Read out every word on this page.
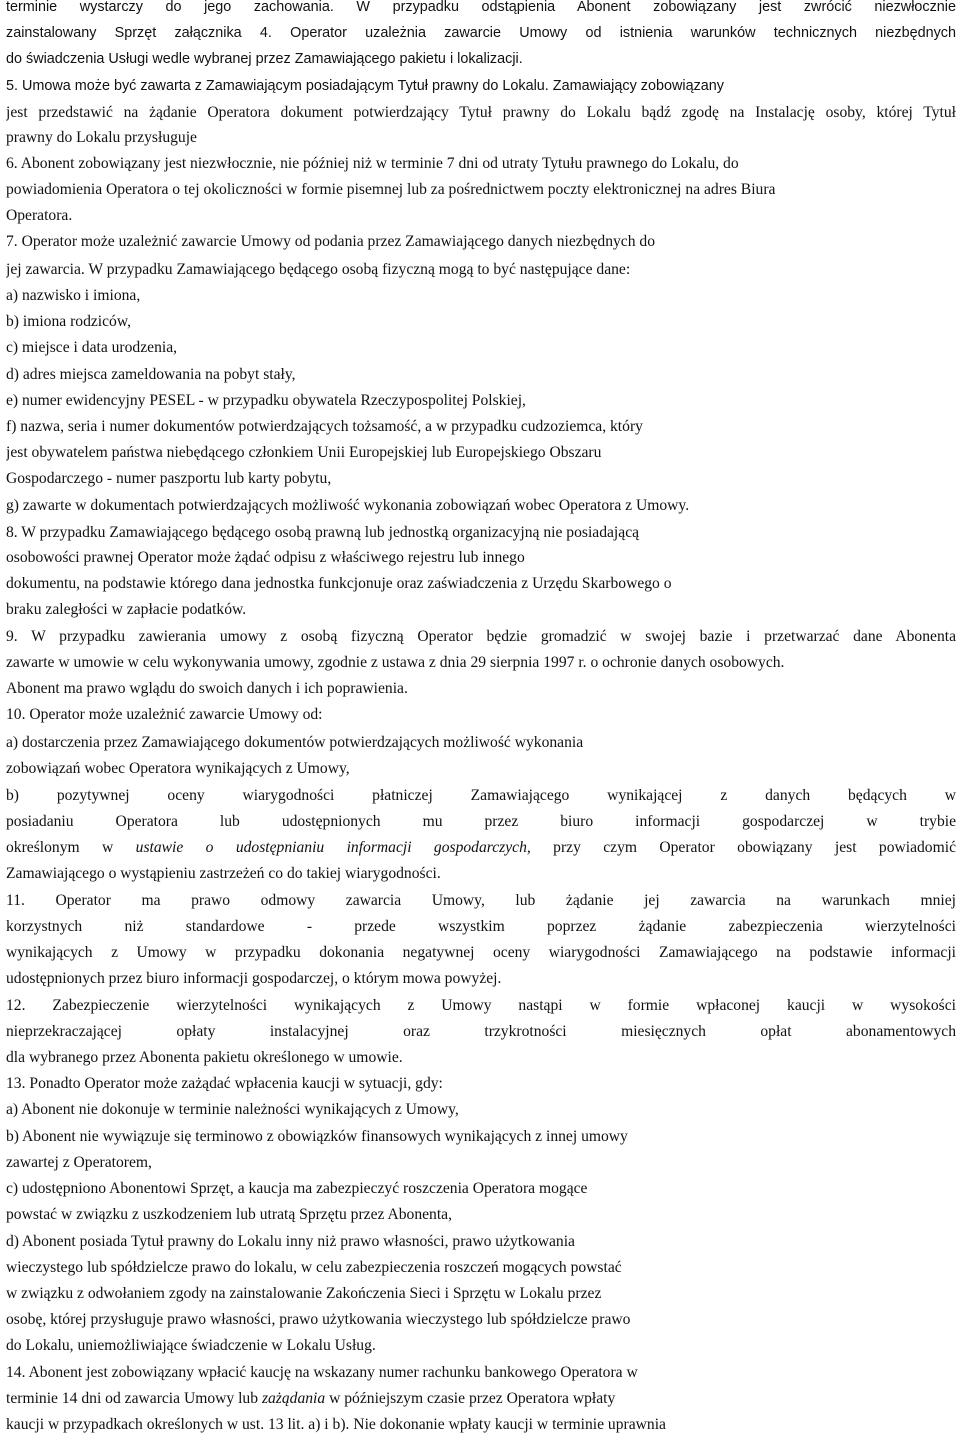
terminie wystarczy do jego zachowania. W przypadku odstąpienia Abonent zobowiązany jest zwrócić niezwłocznie
zainstalowany Sprzęt załącznika 4. Operator uzależnia zawarcie Umowy od istnienia warunków technicznych niezbędnych
do świadczenia Usługi wedle wybranej przez Zamawiającego pakietu i lokalizacji.
5. Umowa może być zawarta z Zamawiającym posiadającym Tytuł prawny do Lokalu. Zamawiający zobowiązany
jest przedstawić na żądanie Operatora dokument potwierdzający Tytuł prawny do Lokalu bądź zgodę na Instalację osoby, której Tytuł
prawny do Lokalu przysługuje
6. Abonent zobowiązany jest niezwłocznie, nie później niż w terminie 7 dni od utraty Tytułu prawnego do Lokalu, do
powiadomienia Operatora o tej okoliczności w formie pisemnej lub za pośrednictwem poczty elektronicznej na adres Biura
Operatora.
7. Operator może uzależnić zawarcie Umowy od podania przez Zamawiającego danych niezbędnych do
jej zawarcia. W przypadku Zamawiającego będącego osobą fizyczną mogą to być następujące dane:
a) nazwisko i imiona,
b) imiona rodziców,
c) miejsce i data urodzenia,
d) adres miejsca zameldowania na pobyt stały,
e) numer ewidencyjny PESEL - w przypadku obywatela Rzeczypospolitej Polskiej,
f) nazwa, seria i numer dokumentów potwierdzających tożsamość, a w przypadku cudzoziemca, który
jest obywatelem państwa niebędącego członkiem Unii Europejskiej lub Europejskiego Obszaru
Gospodarczego - numer paszportu lub karty pobytu,
g) zawarte w dokumentach potwierdzających możliwość wykonania zobowiązań wobec Operatora z Umowy.
8. W przypadku Zamawiającego będącego osobą prawną lub jednostką organizacyjną nie posiadającą
osobowości prawnej Operator może żądać odpisu z właściwego rejestru lub innego
dokumentu, na podstawie którego dana jednostka funkcjonuje oraz zaświadczenia z Urzędu Skarbowego o
braku zaległości w zapłacie podatków.
9. W przypadku zawierania umowy z osobą fizyczną Operator będzie gromadzić w swojej bazie i przetwarzać dane Abonenta
zawarte w umowie w celu wykonywania umowy, zgodnie z ustawa z dnia 29 sierpnia 1997 r. o ochronie danych osobowych.
Abonent ma prawo wglądu do swoich danych i ich poprawienia.
10. Operator może uzależnić zawarcie Umowy od:
a) dostarczenia przez Zamawiającego dokumentów potwierdzających możliwość wykonania
zobowiązań wobec Operatora wynikających z Umowy,
b) pozytywnej oceny wiarygodności płatniczej Zamawiającego wynikającej z danych będących w
posiadaniu Operatora lub udostępnionych mu przez biuro informacji gospodarczej w trybie
określonym w ustawie o udostępnianiu informacji gospodarczych, przy czym Operator obowiązany jest powiadomić
Zamawiającego o wystąpieniu zastrzeżeń co do takiej wiarygodności.
11. Operator ma prawo odmowy zawarcia Umowy, lub żądanie jej zawarcia na warunkach mniej
korzystnych niż standardowe - przede wszystkim poprzez żądanie zabezpieczenia wierzytelności
wynikających z Umowy w przypadku dokonania negatywnej oceny wiarygodności Zamawiającego na podstawie informacji
udostępnionych przez biuro informacji gospodarczej, o którym mowa powyżej.
12. Zabezpieczenie wierzytelności wynikających z Umowy nastąpi w formie wpłaconej kaucji w wysokości
nieprzekraczającej opłaty instalacyjnej oraz trzykrotności miesięcznych opłat abonamentowych
dla wybranego przez Abonenta pakietu określonego w umowie.
13. Ponadto Operator może zażądać wpłacenia kaucji w sytuacji, gdy:
a) Abonent nie dokonuje w terminie należności wynikających z Umowy,
b) Abonent nie wywiązuje się terminowo z obowiązków finansowych wynikających z innej umowy
zawartej z Operatorem,
c) udostępniono Abonentowi Sprzęt, a kaucja ma zabezpieczyć roszczenia Operatora mogące
powstać w związku z uszkodzeniem lub utratą Sprzętu przez Abonenta,
d) Abonent posiada Tytuł prawny do Lokalu inny niż prawo własności, prawo użytkowania
wieczystego lub spółdzielcze prawo do lokalu, w celu zabezpieczenia roszczeń mogących powstać
w związku z odwołaniem zgody na zainstalowanie Zakończenia Sieci i Sprzętu w Lokalu przez
osobę, której przysługuje prawo własności, prawo użytkowania wieczystego lub spółdzielcze prawo
do Lokalu, uniemożliwiające świadczenie w Lokalu Usług.
14. Abonent jest zobowiązany wpłacić kaucję na wskazany numer rachunku bankowego Operatora w
terminie 14 dni od zawarcia Umowy lub zażądania w późniejszym czasie przez Operatora wpłaty
kaucji w przypadkach określonych w ust. 13 lit. a) i b). Nie dokonanie wpłaty kaucji w terminie uprawnia
